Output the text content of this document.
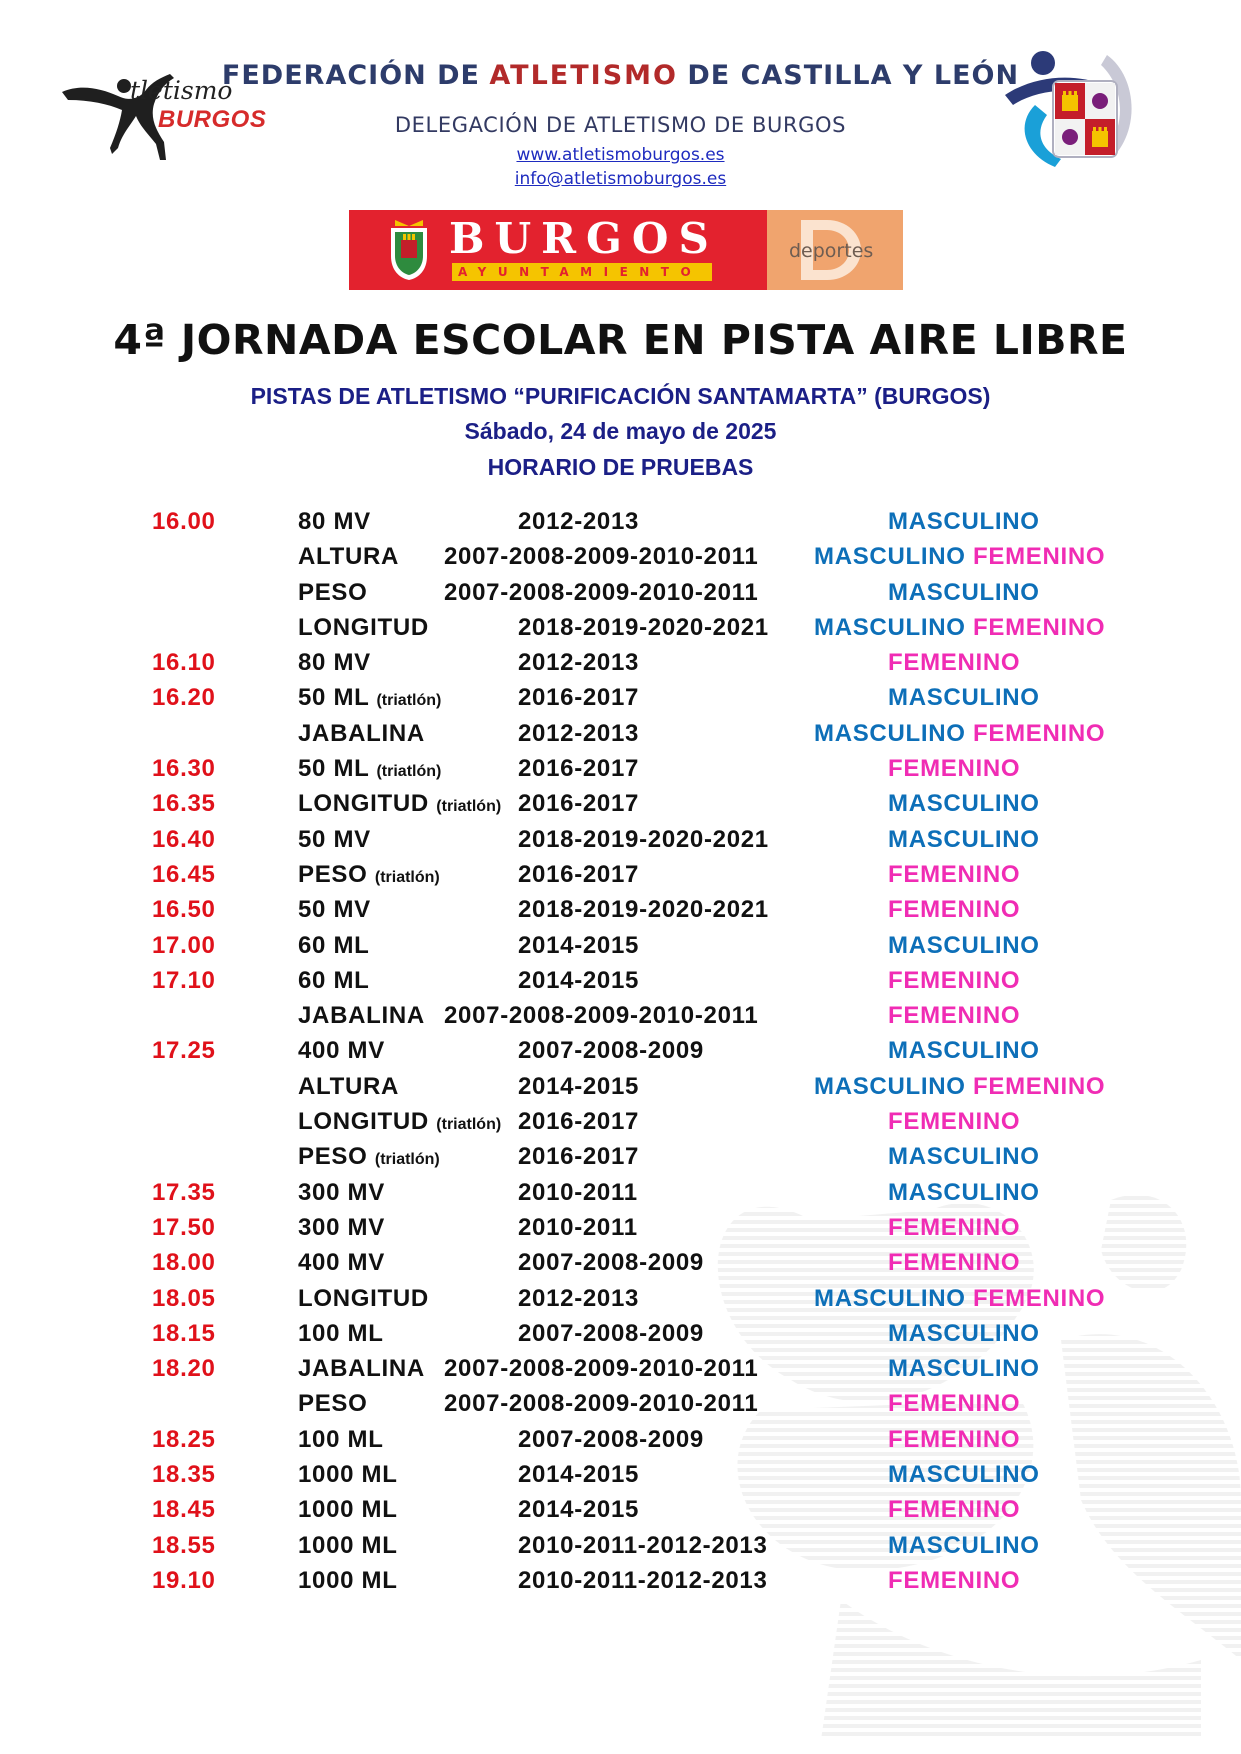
tletismo
BURGOS
FEDERACIÓN DE ATLETISMO DE CASTILLA Y LEÓN
DELEGACIÓN DE ATLETISMO DE BURGOS
www.atletismoburgos.es
info@atletismoburgos.es
BURGOS
AYUNTAMIENTO
deportes
4ª JORNADA ESCOLAR EN PISTA AIRE LIBRE
PISTAS DE ATLETISMO “PURIFICACIÓN SANTAMARTA” (BURGOS)
Sábado, 24 de mayo de 2025
HORARIO DE PRUEBAS
16.00	80 MV	2012-2013	MASCULINO
ALTURA 2007-2008-2009-2010-2011 MASCULINO FEMENINO
PESO	2007-2008-2009-2010-2011	MASCULINO
LONGITUD	2018-2019-2020-2021 MASCULINO FEMENINO
16.10	80 MV	2012-2013	FEMENINO
16.20	50 ML (triatlón)	2016-2017	MASCULINO
JABALINA	2012-2013	MASCULINO FEMENINO
16.30	50 ML (triatlón)	2016-2017	FEMENINO
16.35	LONGITUD (triatlón) 2016-2017	MASCULINO
16.40	50 MV	2018-2019-2020-2021	MASCULINO
16.45	PESO (triatlón)	2016-2017	FEMENINO
16.50	50 MV	2018-2019-2020-2021	FEMENINO
17.00	60 ML	2014-2015	MASCULINO
17.10	60 ML	2014-2015	FEMENINO
JABALINA 2007-2008-2009-2010-2011	FEMENINO
17.25	400 MV	2007-2008-2009	MASCULINO
ALTURA	2014-2015	MASCULINO FEMENINO
LONGITUD (triatlón) 2016-2017	FEMENINO
PESO (triatlón)	2016-2017	MASCULINO
17.35	300 MV	2010-2011	MASCULINO
17.50	300 MV	2010-2011	FEMENINO
18.00	400 MV	2007-2008-2009	FEMENINO
18.05	LONGITUD	2012-2013	MASCULINO FEMENINO
18.15	100 ML	2007-2008-2009	MASCULINO
18.20	JABALINA 2007-2008-2009-2010-2011	MASCULINO
PESO	2007-2008-2009-2010-2011	FEMENINO
18.25	100 ML	2007-2008-2009	FEMENINO
18.35	1000 ML	2014-2015	MASCULINO
18.45	1000 ML	2014-2015	FEMENINO
18.55	1000 ML	2010-2011-2012-2013	MASCULINO
19.10	1000 ML	2010-2011-2012-2013	FEMENINO
